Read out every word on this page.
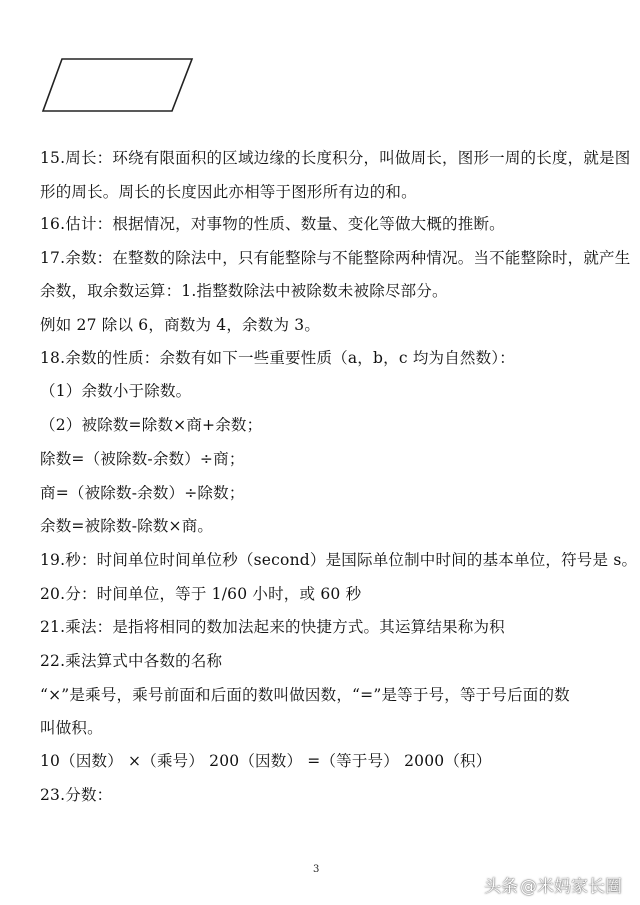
15.周长：环绕有限面积的区域边缘的长度积分，叫做周长，图形一周的长度，就是图
形的周长。周长的长度因此亦相等于图形所有边的和。
16.估计：根据情况，对事物的性质、数量、变化等做大概的推断。
17.余数：在整数的除法中，只有能整除与不能整除两种情况。当不能整除时，就产生
余数，取余数运算：1.指整数除法中被除数未被除尽部分。
例如 27 除以 6，商数为 4，余数为 3。
18.余数的性质：余数有如下一些重要性质（a，b，c 均为自然数）：
（1）余数小于除数。
（2）被除数=除数×商+余数；
除数=（被除数-余数）÷商；
商=（被除数-余数）÷除数；
余数=被除数-除数×商。
19.秒：时间单位时间单位秒（second）是国际单位制中时间的基本单位，符号是 s。
20.分：时间单位，等于 1/60 小时，或 60 秒
21.乘法：是指将相同的数加法起来的快捷方式。其运算结果称为积
22.乘法算式中各数的名称
“×”是乘号，乘号前面和后面的数叫做因数，“=”是等于号，等于号后面的数
叫做积。
10（因数） ×（乘号） 200（因数） =（等于号） 2000（积）
23.分数：
3
头条 @米妈家长圈
